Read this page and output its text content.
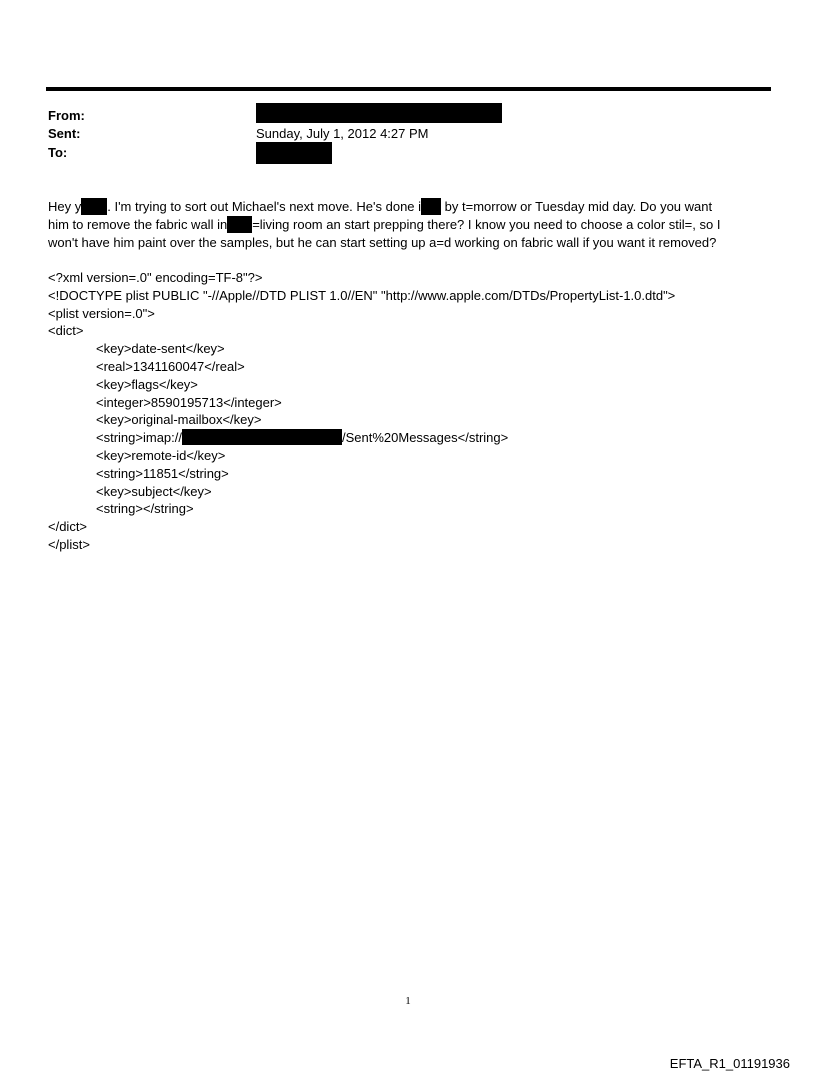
From:
Sent:	Sunday, July 1, 2012 4:27 PM
To:
Hey y . I'm trying to sort out Michael's next move. He's done i by t=morrow or Tuesday mid day. Do you want
him to remove the fabric wall in =living room an start prepping there? I know you need to choose a color stil=, so I
won't have him paint over the samples, but he can start setting up a=d working on fabric wall if you want it removed?
<?xml version=.0" encoding=TF-8"?>
<!DOCTYPE plist PUBLIC "-//Apple//DTD PLIST 1.0//EN" "http://www.apple.com/DTDs/PropertyList-1.0.dtd">
<plist version=.0">
<dict>
<key>date-sent</key>
<real>1341160047</real>
<key>flags</key>
<integer>8590195713</integer>
<key>original-mailbox</key>
<string>imap://	/Sent%20Messages</string>
<key>remote-id</key>
<string>11851</string>
<key>subject</key>
<string></string>
</dict>
</plist>
1
EFTA_R1_01191936
